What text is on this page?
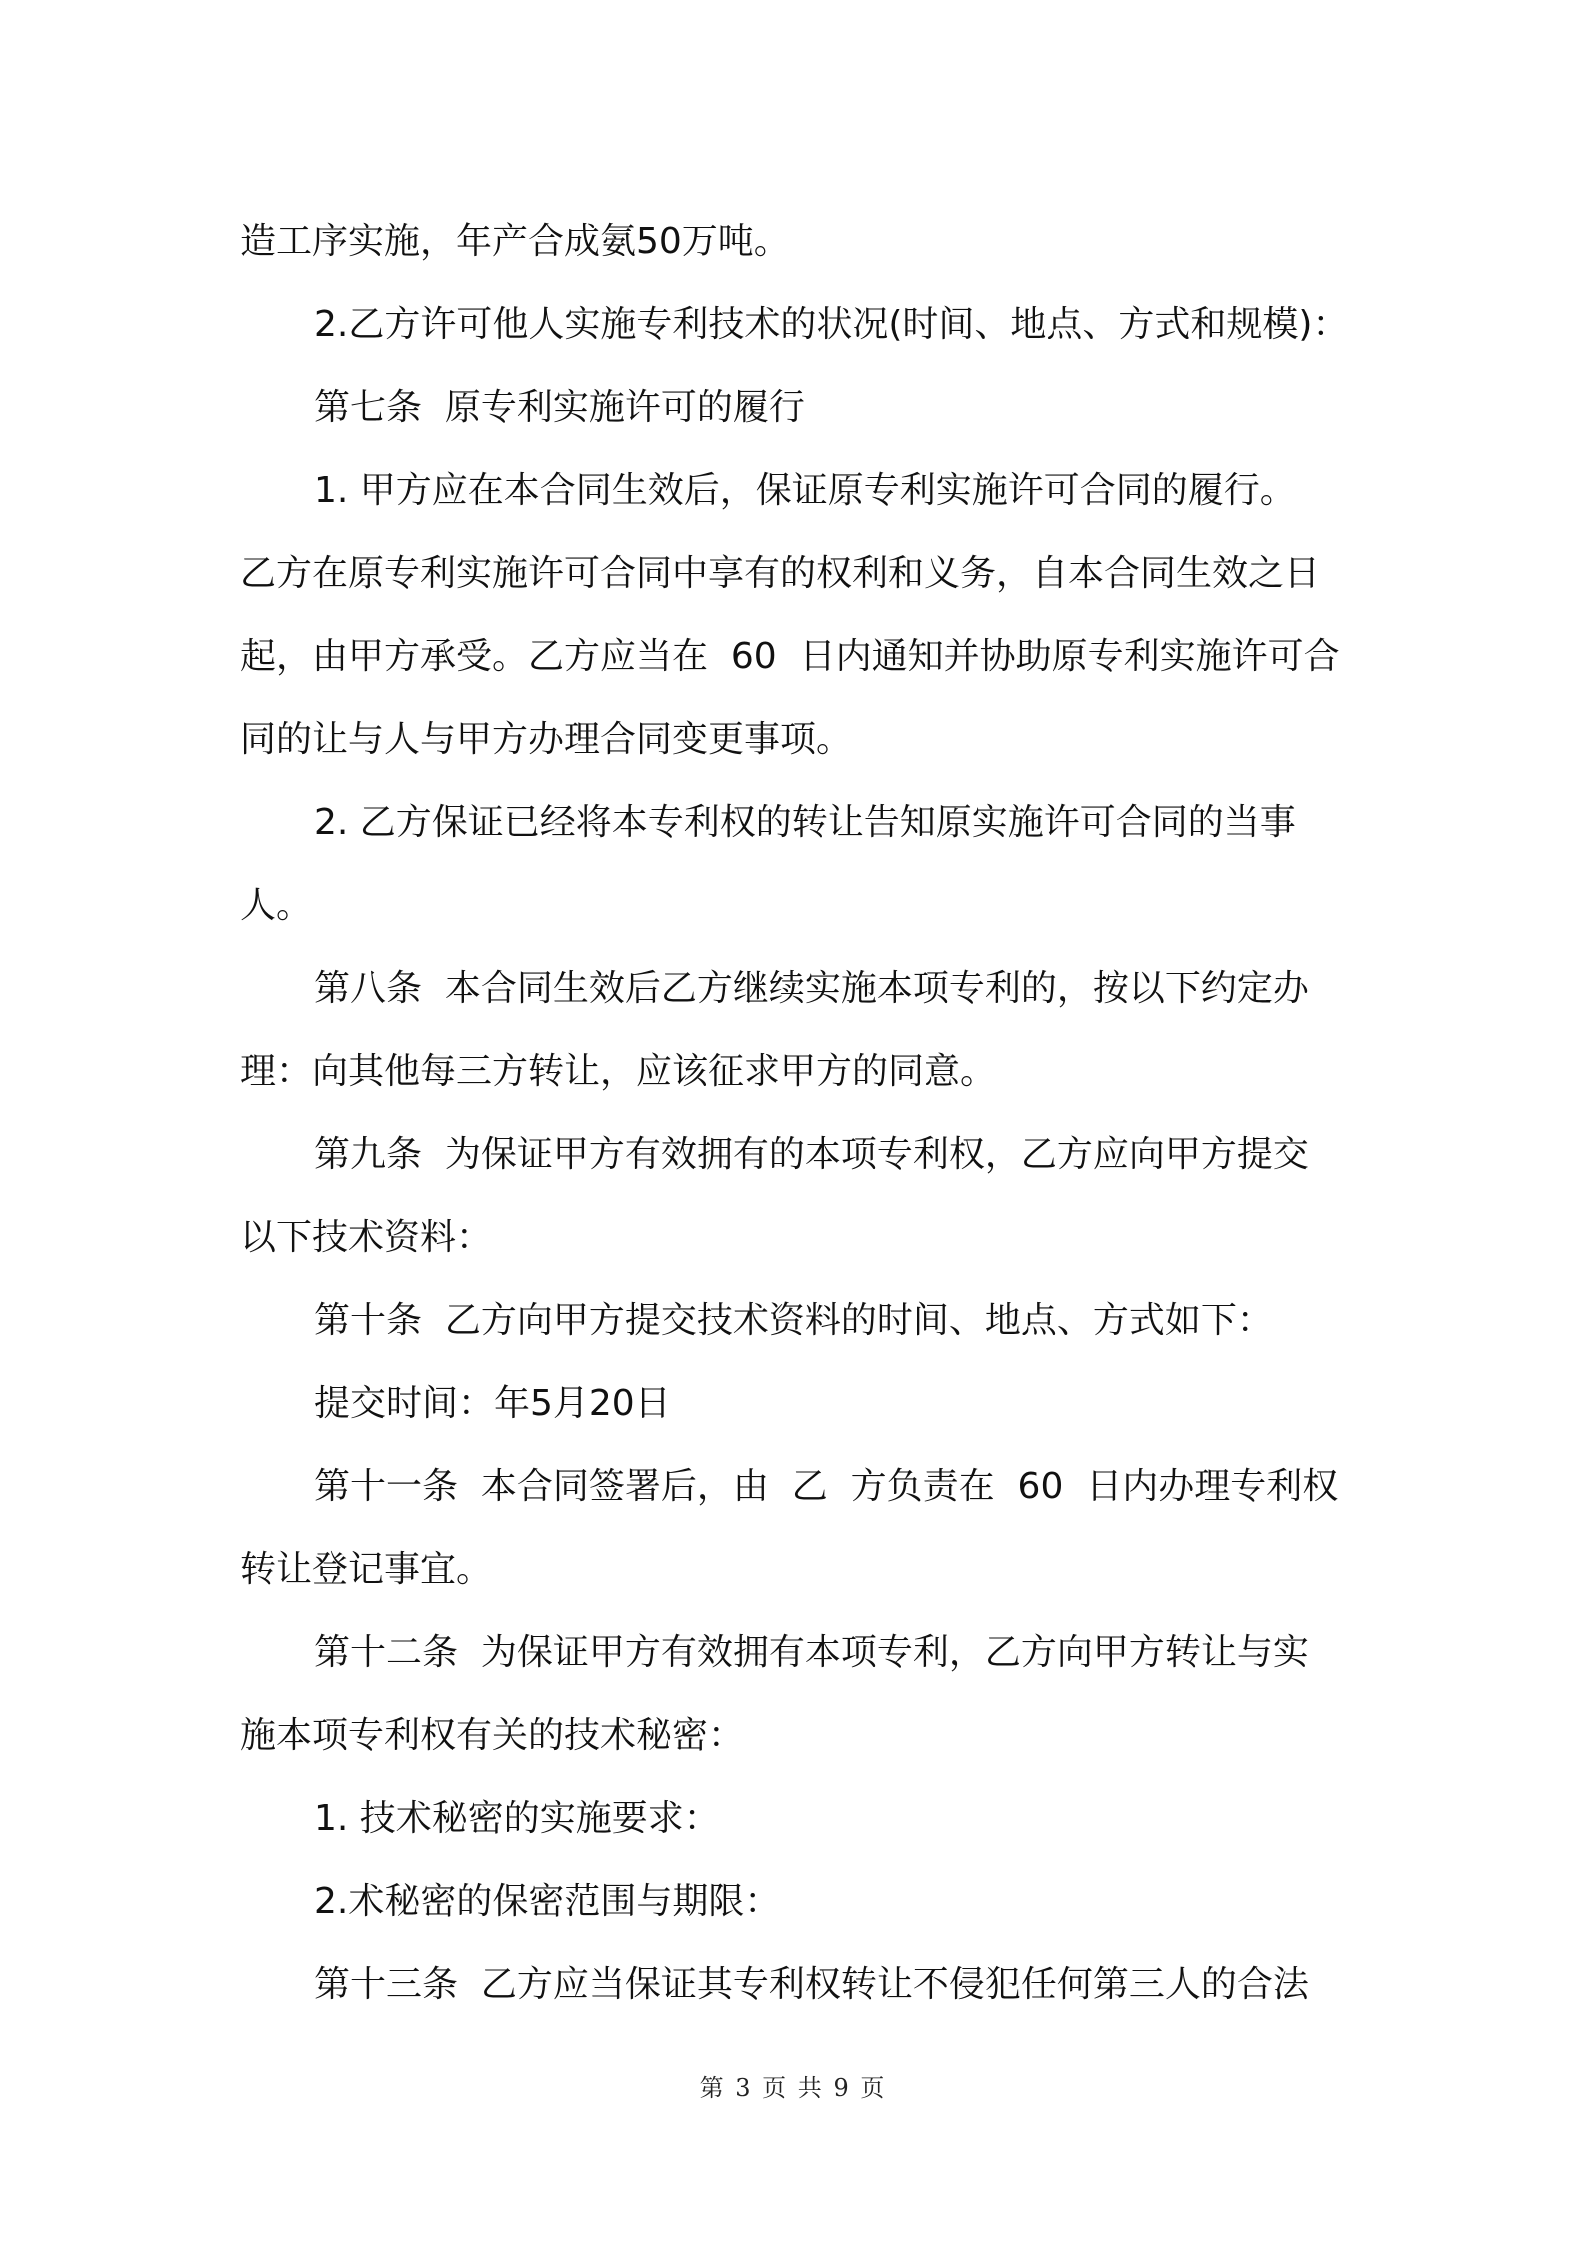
造工序实施，年产合成氨50万吨。
2.乙方许可他人实施专利技术的状况(时间、地点、方式和规模)：
第七条  原专利实施许可的履行
1. 甲方应在本合同生效后，保证原专利实施许可合同的履行。
乙方在原专利实施许可合同中享有的权利和义务，自本合同生效之日
起，由甲方承受。乙方应当在  60  日内通知并协助原专利实施许可合
同的让与人与甲方办理合同变更事项。
2. 乙方保证已经将本专利权的转让告知原实施许可合同的当事
人。
第八条  本合同生效后乙方继续实施本项专利的，按以下约定办
理：向其他每三方转让，应该征求甲方的同意。
第九条  为保证甲方有效拥有的本项专利权，乙方应向甲方提交
以下技术资料：
第十条  乙方向甲方提交技术资料的时间、地点、方式如下：
提交时间：年5月20日
第十一条  本合同签署后，由  乙  方负责在  60  日内办理专利权
转让登记事宜。
第十二条  为保证甲方有效拥有本项专利，乙方向甲方转让与实
施本项专利权有关的技术秘密：
1. 技术秘密的实施要求：
2.术秘密的保密范围与期限：
第十三条  乙方应当保证其专利权转让不侵犯任何第三人的合法
第 3 页 共 9 页
